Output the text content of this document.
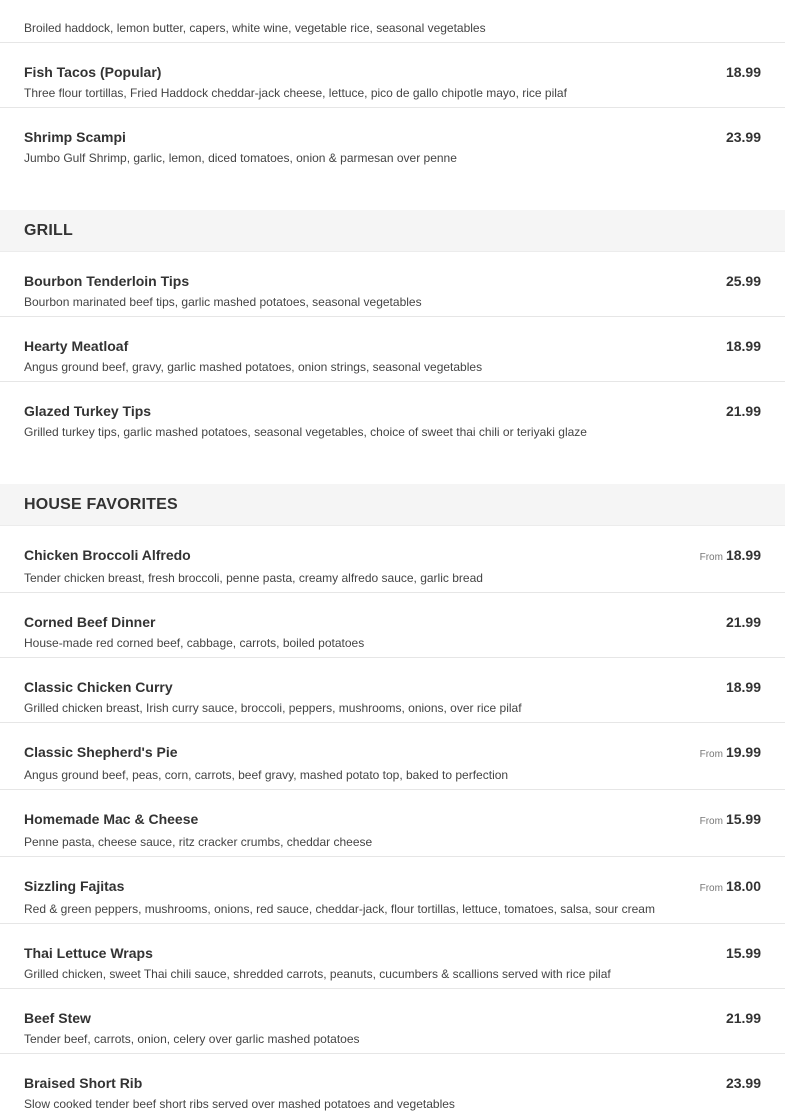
Broiled haddock, lemon butter, capers, white wine, vegetable rice, seasonal vegetables
Fish Tacos (Popular)
Three flour tortillas, Fried Haddock cheddar-jack cheese, lettuce, pico de gallo chipotle mayo, rice pilaf
18.99
Shrimp Scampi
Jumbo Gulf Shrimp, garlic, lemon, diced tomatoes, onion & parmesan over penne
23.99
GRILL
Bourbon Tenderloin Tips
Bourbon marinated beef tips, garlic mashed potatoes, seasonal vegetables
25.99
Hearty Meatloaf
Angus ground beef, gravy, garlic mashed potatoes, onion strings, seasonal vegetables
18.99
Glazed Turkey Tips
Grilled turkey tips, garlic mashed potatoes, seasonal vegetables, choice of sweet thai chili or teriyaki glaze
21.99
HOUSE FAVORITES
Chicken Broccoli Alfredo
Tender chicken breast, fresh broccoli, penne pasta, creamy alfredo sauce, garlic bread
From 18.99
Corned Beef Dinner
House-made red corned beef, cabbage, carrots, boiled potatoes
21.99
Classic Chicken Curry
Grilled chicken breast, Irish curry sauce, broccoli, peppers, mushrooms, onions, over rice pilaf
18.99
Classic Shepherd's Pie
Angus ground beef, peas, corn, carrots, beef gravy, mashed potato top, baked to perfection
From 19.99
Homemade Mac & Cheese
Penne pasta, cheese sauce, ritz cracker crumbs, cheddar cheese
From 15.99
Sizzling Fajitas
Red & green peppers, mushrooms, onions, red sauce, cheddar-jack, flour tortillas, lettuce, tomatoes, salsa, sour cream
From 18.00
Thai Lettuce Wraps
Grilled chicken, sweet Thai chili sauce, shredded carrots, peanuts, cucumbers & scallions served with rice pilaf
15.99
Beef Stew
Tender beef, carrots, onion, celery over garlic mashed potatoes
21.99
Braised Short Rib
Slow cooked tender beef short ribs served over mashed potatoes and vegetables
23.99
